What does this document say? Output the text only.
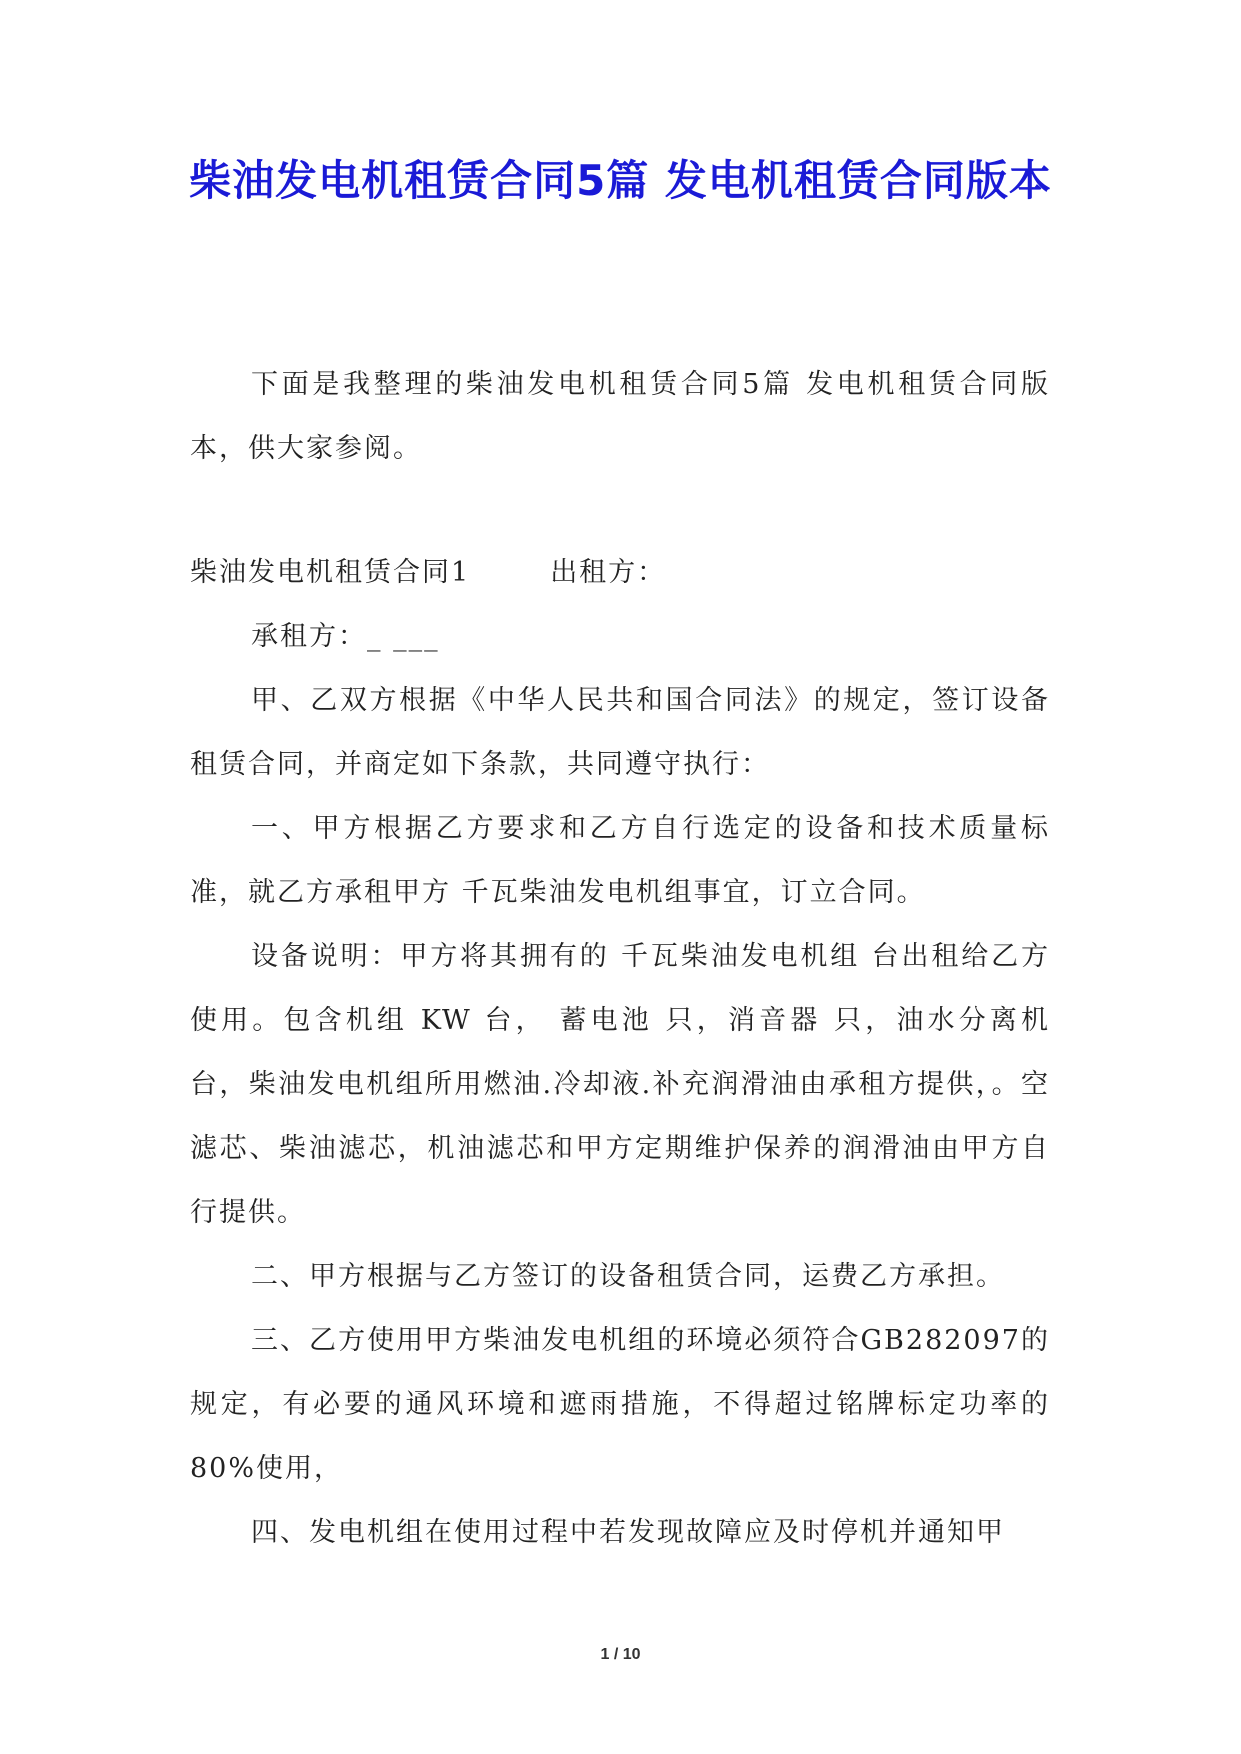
柴油发电机租赁合同5篇 发电机租赁合同版本

下面是我整理的柴油发电机租赁合同5篇 发电机租赁合同版本，供大家参阅。

柴油发电机租赁合同1	出租方：

承租方：_ ___

甲、乙双方根据《中华人民共和国合同法》的规定，签订设备租赁合同，并商定如下条款，共同遵守执行：

一、甲方根据乙方要求和乙方自行选定的设备和技术质量标准，就乙方承租甲方 千瓦柴油发电机组事宜，订立合同。

设备说明：甲方将其拥有的 千瓦柴油发电机组 台出租给乙方使用。包含机组 KW 台， 蓄电池 只，消音器 只，油水分离机 台，柴油发电机组所用燃油.冷却液.补充润滑油由承租方提供，。空滤芯、柴油滤芯，机油滤芯和甲方定期维护保养的润滑油由甲方自行提供。

二、甲方根据与乙方签订的设备租赁合同，运费乙方承担。

三、乙方使用甲方柴油发电机组的环境必须符合GB282097的规定，有必要的通风环境和遮雨措施，不得超过铭牌标定功率的80%使用，

四、发电机组在使用过程中若发现故障应及时停机并通知甲

1 / 10
